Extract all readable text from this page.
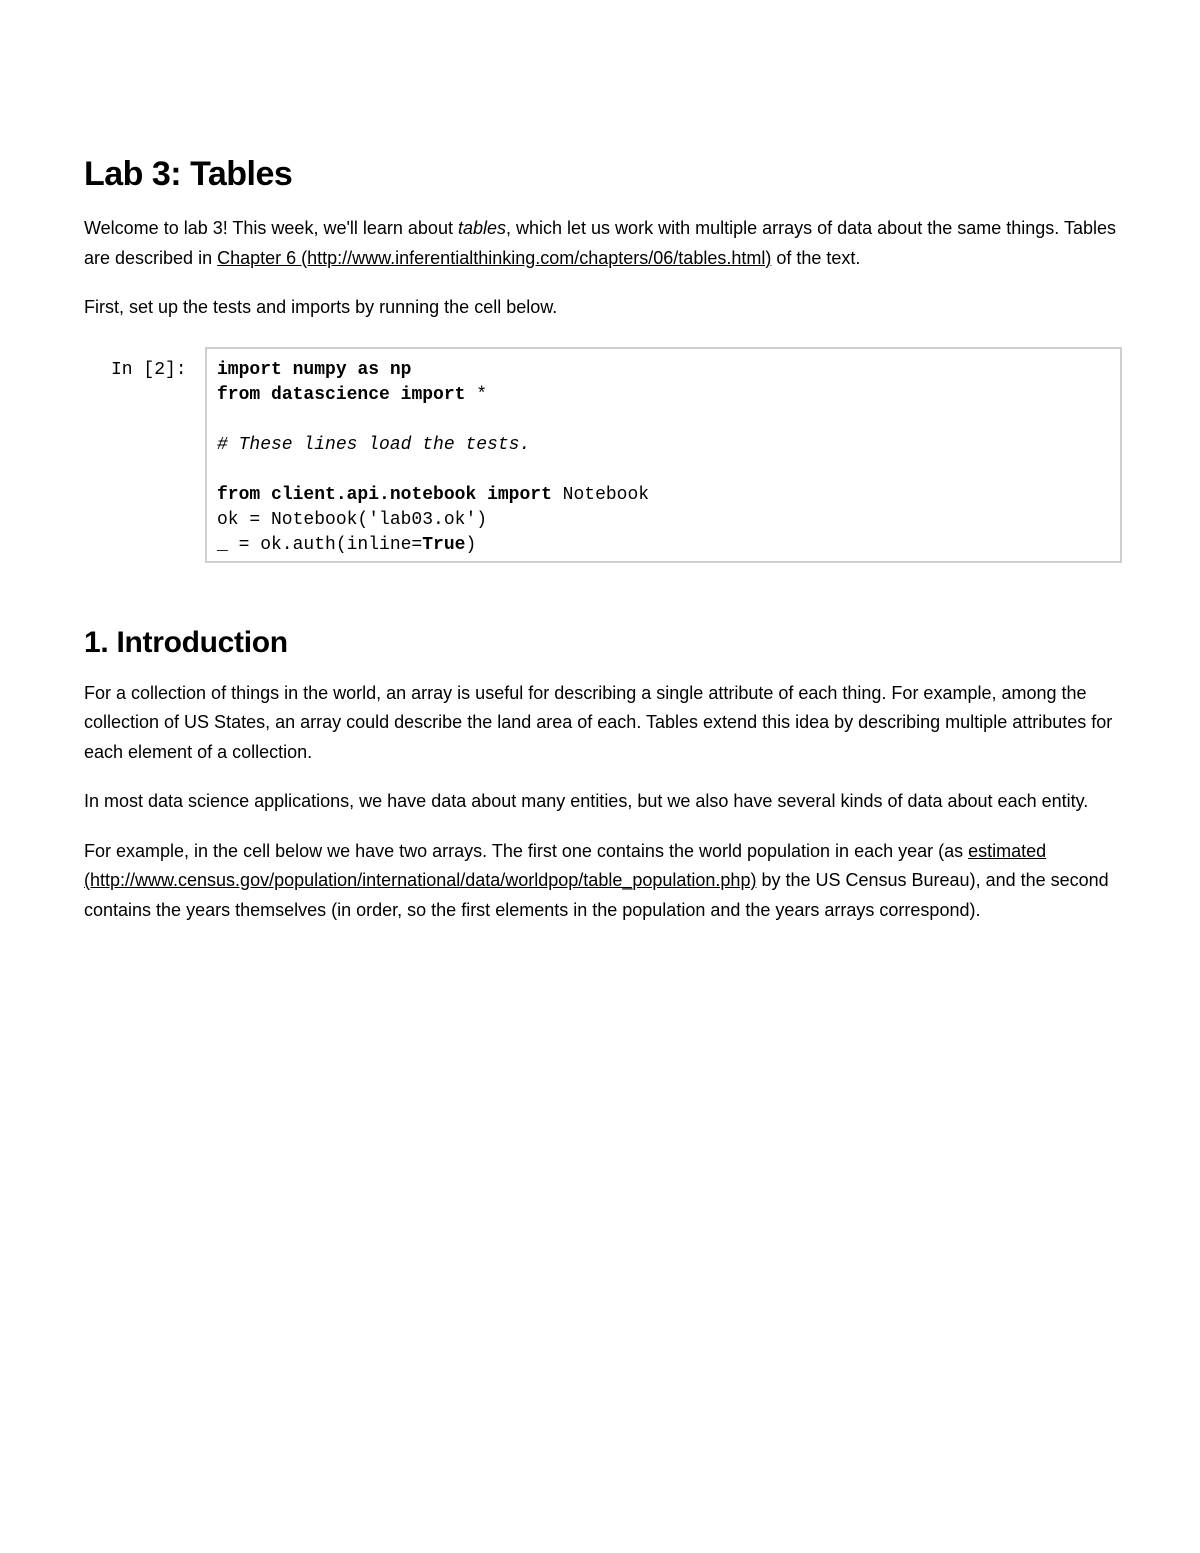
Lab 3: Tables

Welcome to lab 3! This week, we'll learn about tables, which let us work with multiple arrays of data about the same things. Tables are described in Chapter 6 (http://www.inferentialthinking.com/chapters/06/tables.html) of the text.

First, set up the tests and imports by running the cell below.

In [2]: import numpy as np
from datascience import *
# These lines load the tests.
from client.api.notebook import Notebook
ok = Notebook('lab03.ok')
_ = ok.auth(inline=True)
1. Introduction

For a collection of things in the world, an array is useful for describing a single attribute of each thing. For example, among the collection of US States, an array could describe the land area of each. Tables extend this idea by describing multiple attributes for each element of a collection.

In most data science applications, we have data about many entities, but we also have several kinds of data about each entity.

For example, in the cell below we have two arrays. The first one contains the world population in each year (as estimated (http://www.census.gov/population/international/data/worldpop/table_population.php) by the US Census Bureau), and the second contains the years themselves (in order, so the first elements in the population and the years arrays correspond).
